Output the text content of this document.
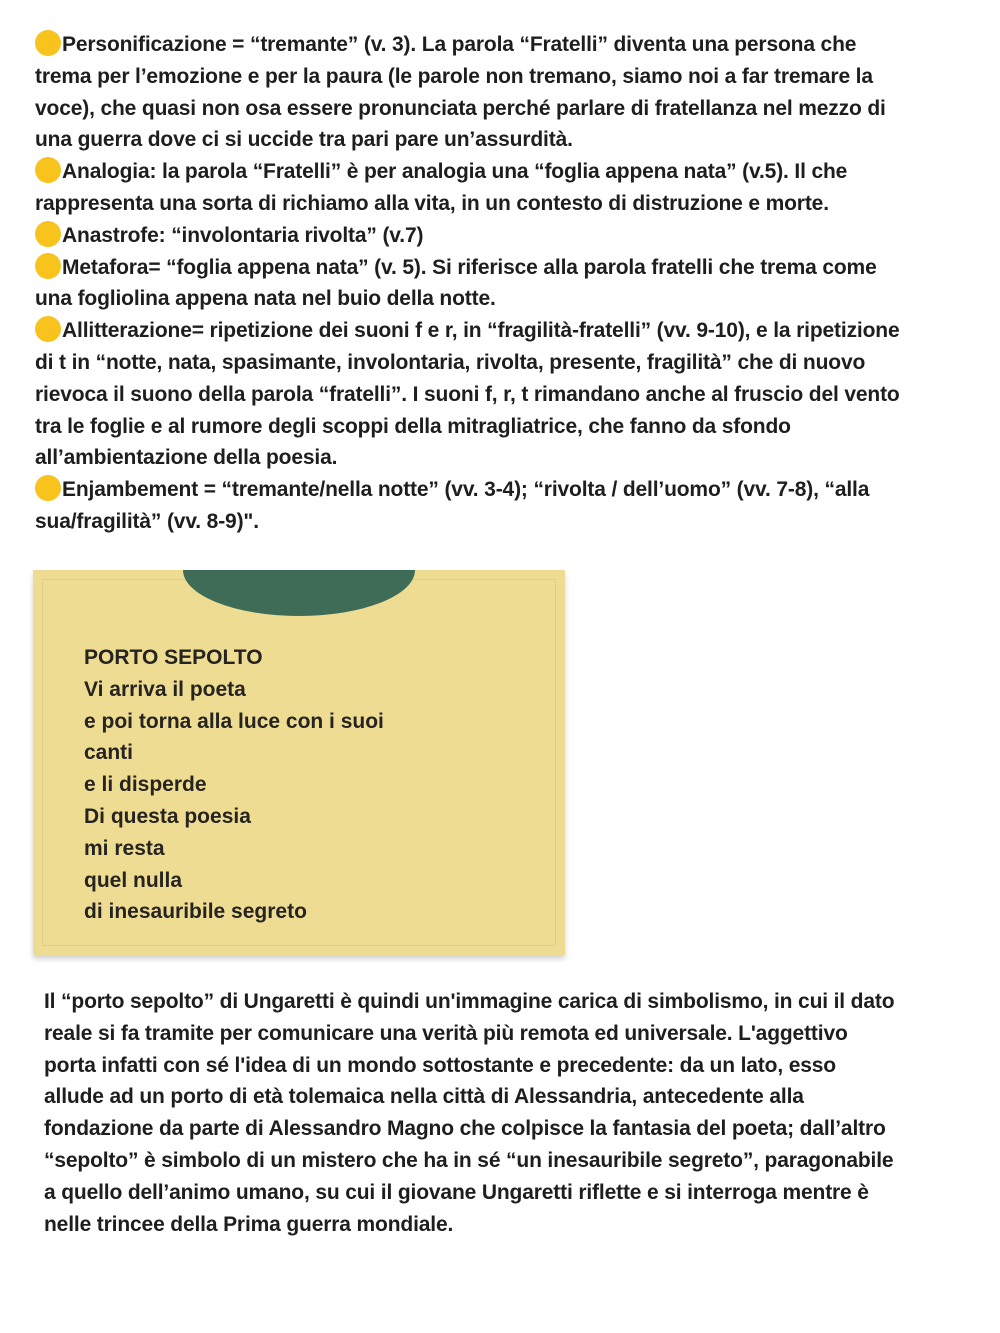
Personificazione = “tremante” (v. 3). La parola “Fratelli” diventa una persona che
trema per l’emozione e per la paura (le parole non tremano, siamo noi a far tremare la
voce), che quasi non osa essere pronunciata perché parlare di fratellanza nel mezzo di
una guerra dove ci si uccide tra pari pare un’assurdità.
Analogia: la parola “Fratelli” è per analogia una “foglia appena nata” (v.5). Il che
rappresenta una sorta di richiamo alla vita, in un contesto di distruzione e morte.
Anastrofe: “involontaria rivolta” (v.7)
Metafora= “foglia appena nata” (v. 5). Si riferisce alla parola fratelli che trema come
una fogliolina appena nata nel buio della notte.
Allitterazione= ripetizione dei suoni f e r, in “fragilità-fratelli” (vv. 9-10), e la ripetizione
di t in “notte, nata, spasimante, involontaria, rivolta, presente, fragilità” che di nuovo
rievoca il suono della parola “fratelli”. I suoni f, r, t rimandano anche al fruscio del vento
tra le foglie e al rumore degli scoppi della mitragliatrice, che fanno da sfondo
all’ambientazione della poesia.
Enjambement = “tremante/nella notte” (vv. 3-4); “rivolta / dell’uomo” (vv. 7-8), “alla
sua/fragilità” (vv. 8-9)".
PORTO SEPOLTO
Vi arriva il poeta
e poi torna alla luce con i suoi
canti
e li disperde
Di questa poesia
mi resta
quel nulla
di inesauribile segreto
Il “porto sepolto” di Ungaretti è quindi un'immagine carica di simbolismo, in cui il dato
reale si fa tramite per comunicare una verità più remota ed universale. L'aggettivo
porta infatti con sé l'idea di un mondo sottostante e precedente: da un lato, esso
allude ad un porto di età tolemaica nella città di Alessandria, antecedente alla
fondazione da parte di Alessandro Magno che colpisce la fantasia del poeta; dall’altro
“sepolto” è simbolo di un mistero che ha in sé “un inesauribile segreto”, paragonabile
a quello dell’animo umano, su cui il giovane Ungaretti riflette e si interroga mentre è
nelle trincee della Prima guerra mondiale.
